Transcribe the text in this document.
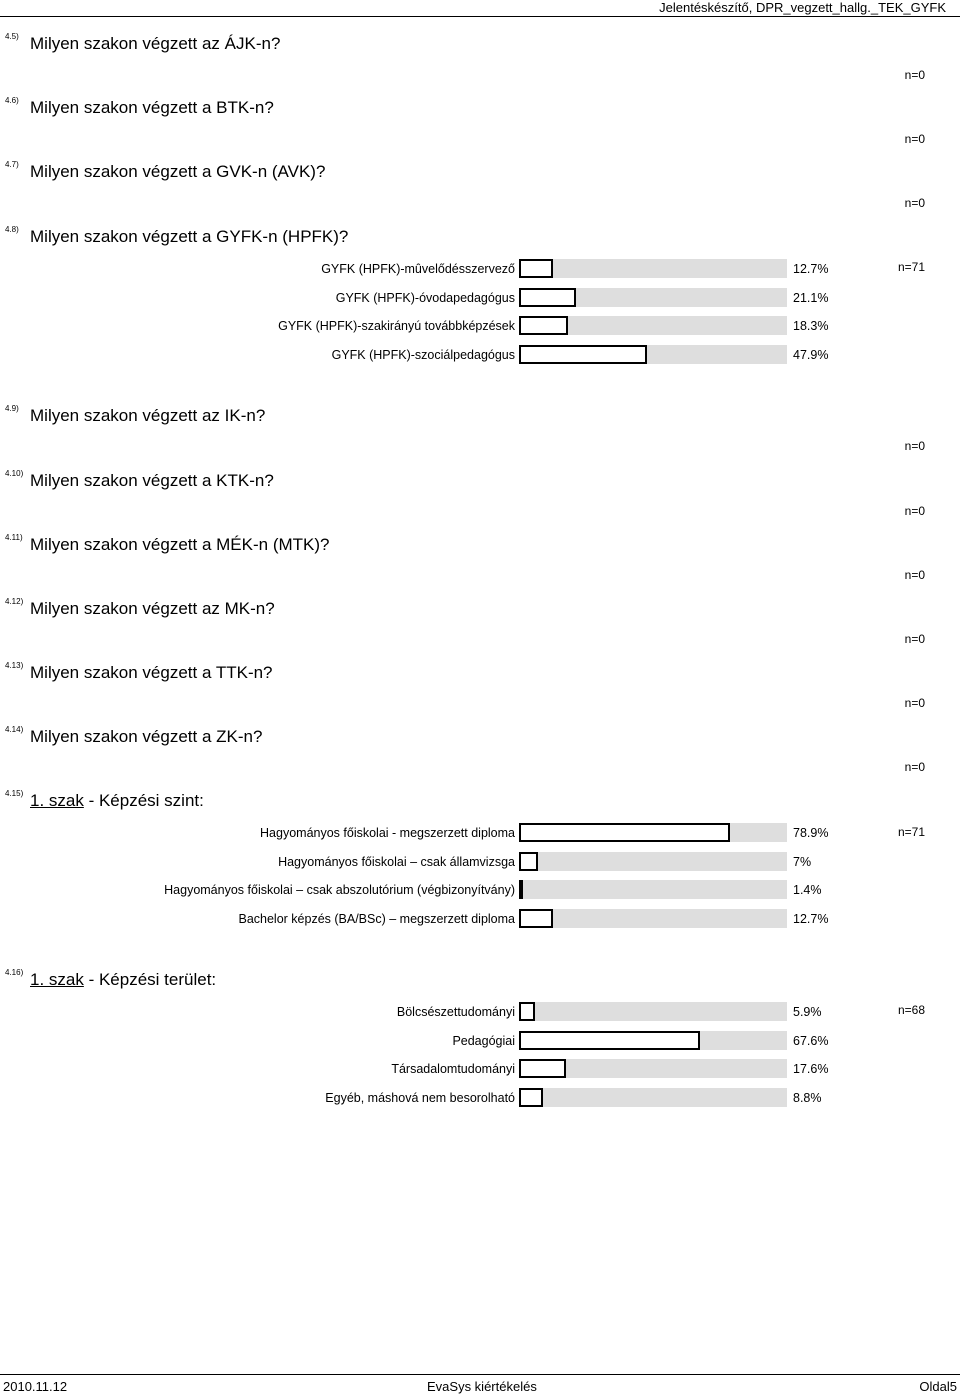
Jelentéskészítő, DPR_vegzett_hallg._TEK_GYFK
4.5) Milyen szakon végzett az ÁJK-n?
n=0
4.6) Milyen szakon végzett a BTK-n?
n=0
4.7) Milyen szakon végzett a GVK-n (AVK)?
n=0
4.8) Milyen szakon végzett a GYFK-n (HPFK)?
n=71
GYFK (HPFK)-mûvelődésszervező	12.7%
GYFK (HPFK)-óvodapedagógus	21.1%
GYFK (HPFK)-szakirányú továbbképzések	18.3%
GYFK (HPFK)-szociálpedagógus	47.9%
4.9) Milyen szakon végzett az IK-n?
n=0
4.10) Milyen szakon végzett a KTK-n?
n=0
4.11) Milyen szakon végzett a MÉK-n (MTK)?
n=0
4.12) Milyen szakon végzett az MK-n?
n=0
4.13) Milyen szakon végzett a TTK-n?
n=0
4.14) Milyen szakon végzett a ZK-n?
n=0
4.15) 1. szak - Képzési szint:
n=71
Hagyományos főiskolai - megszerzett diploma	78.9%
Hagyományos főiskolai – csak államvizsga	7%
Hagyományos főiskolai – csak abszolutórium (végbizonyítvány)	1.4%
Bachelor képzés (BA/BSc) – megszerzett diploma	12.7%
4.16) 1. szak - Képzési terület:
n=68
Bölcsészettudományi	5.9%
Pedagógiai	67.6%
Társadalomtudományi	17.6%
Egyéb, máshová nem besorolható	8.8%
2010.11.12	EvaSys kiértékelés	Oldal5
